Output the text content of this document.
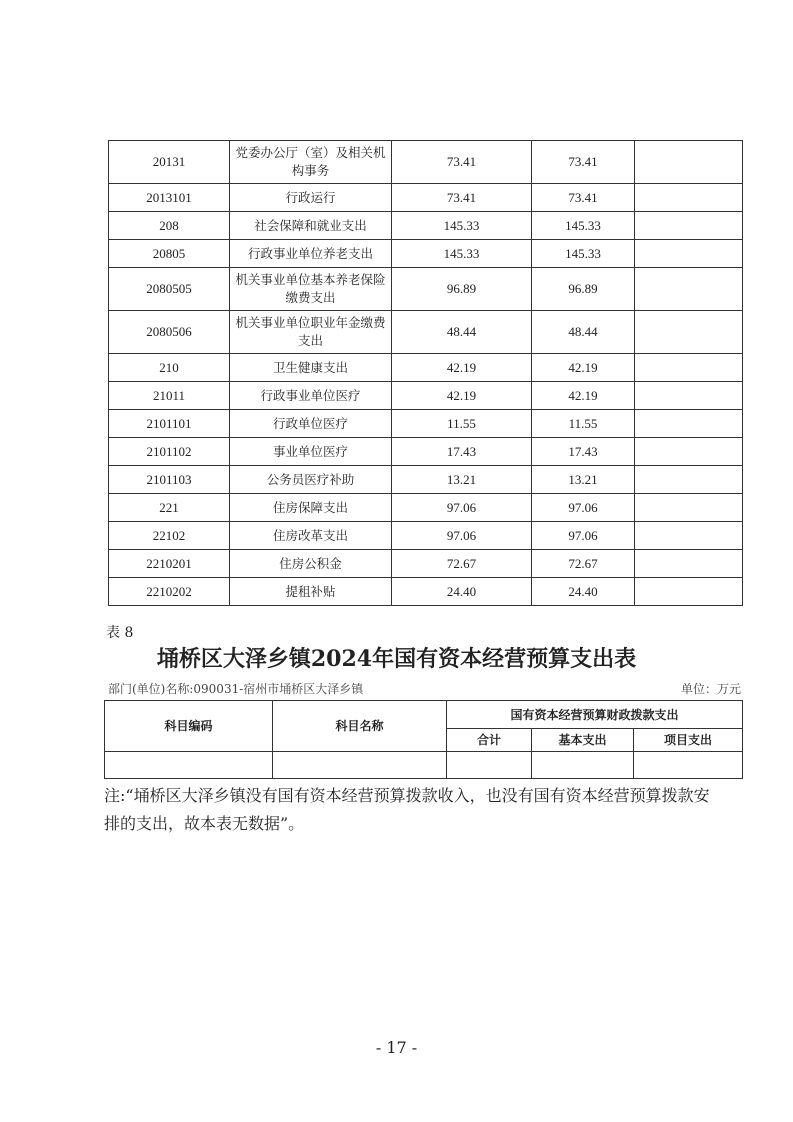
20131	党委办公厅（室）及相关机构事务	73.41	73.41	
2013101	行政运行	73.41	73.41	
208	社会保障和就业支出	145.33	145.33	
20805	行政事业单位养老支出	145.33	145.33	
2080505	机关事业单位基本养老保险缴费支出	96.89	96.89	
2080506	机关事业单位职业年金缴费支出	48.44	48.44	
210	卫生健康支出	42.19	42.19	
21011	行政事业单位医疗	42.19	42.19	
2101101	行政单位医疗	11.55	11.55	
2101102	事业单位医疗	17.43	17.43	
2101103	公务员医疗补助	13.21	13.21	
221	住房保障支出	97.06	97.06	
22102	住房改革支出	97.06	97.06	
2210201	住房公积金	72.67	72.67	
2210202	提租补贴	24.40	24.40	
表 8
埇桥区大泽乡镇2024年国有资本经营预算支出表
部门(单位)名称:090031-宿州市埇桥区大泽乡镇	单位：万元
科目编码	科目名称	国有资本经营预算财政拨款支出		
		合计	基本支出	项目支出

注:“埇桥区大泽乡镇没有国有资本经营预算拨款收入，也没有国有资本经营预算拨款安排的支出，故本表无数据”。
- 17 -
